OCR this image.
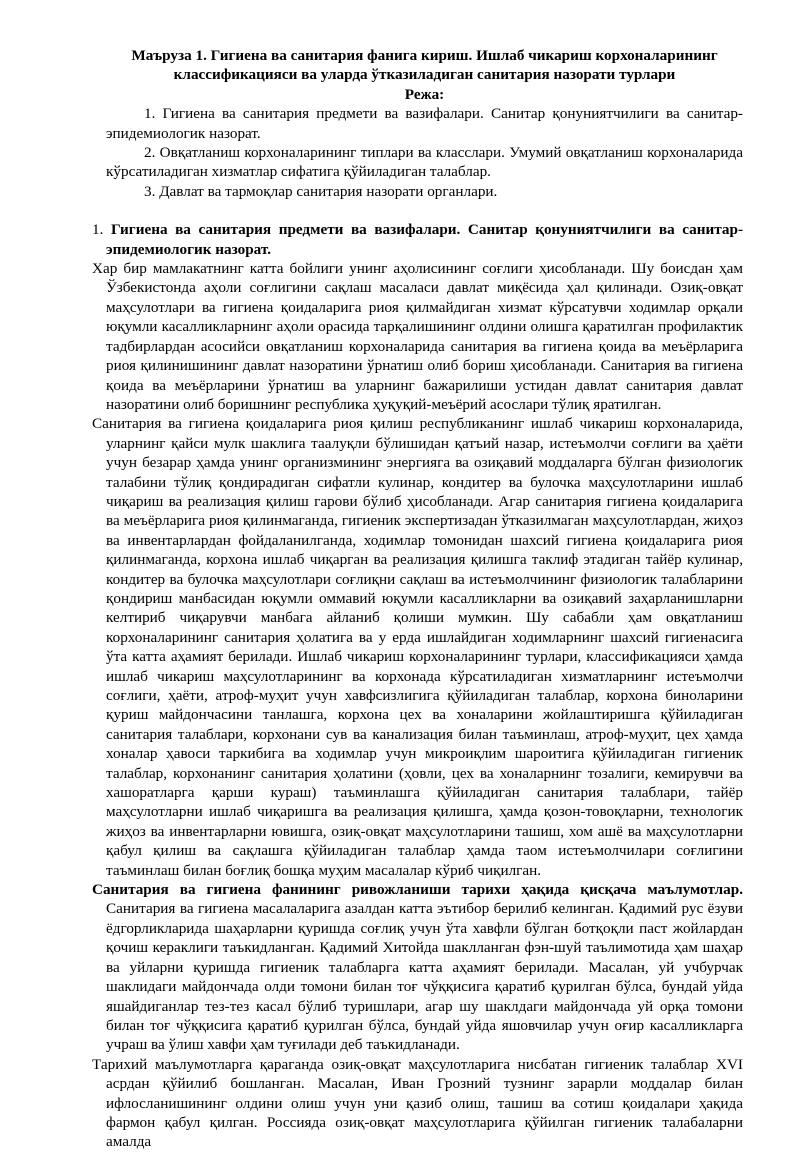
Маъруза 1. Гигиена ва санитария фанига кириш. Ишлаб чикариш корхоналарининг

классификацияси ва уларда ўтказиладиган санитария назорати турлари

Режа:

1. Гигиена ва санитария предмети ва вазифалари. Санитар қонуниятчилиги ва санитар-эпидемиологик назорат.

2. Овқатланиш корхоналарининг типлари ва класслари. Умумий овқатланиш корхоналарида кўрсатиладиган хизматлар сифатига қўйиладиган талаблар.

3. Давлат ва тармоқлар санитария назорати органлари.

1. Гигиена ва санитария предмети ва вазифалари. Санитар қонуниятчилиги ва санитар-эпидемиологик назорат.

Хар бир мамлакатнинг катта бойлиги унинг аҳолисининг соғлиги ҳисобланади. Шу боисдан ҳам Ўзбекистонда аҳоли соғлигини сақлаш масаласи давлат миқёсида ҳал қилинади. Озиқ-овқат маҳсулотлари ва гигиена қоидаларига риоя қилмайдиган хизмат кўрсатувчи ходимлар орқали юқумли касалликларнинг аҳоли орасида тарқалишининг олдини олишга қаратилган профилактик тадбирлардан асосийси овқатланиш корхоналарида санитария ва гигиена қоида ва меъёрларига риоя қилинишининг давлат назоратини ўрнатиш олиб бориш ҳисобланади. Санитария ва гигиена қоида ва меъёрларини ўрнатиш ва уларнинг бажарилиши устидан давлат санитария давлат назоратини олиб боришнинг республика ҳуқуқий-меъёрий асослари тўлиқ яратилган.

Санитария ва гигиена қоидаларига риоя қилиш республиканинг ишлаб чикариш корхоналарида, уларнинг қайси мулк шаклига таалуқли бўлишидан қатъий назар, истеъмолчи соғлиги ва ҳаёти учун безарар ҳамда унинг организмининг энергияга ва озиқавий моддаларга бўлган физиологик талабини тўлиқ қондирадиган сифатли кулинар, кондитер ва булочка маҳсулотларини ишлаб чиқариш ва реализация қилиш гарови бўлиб ҳисобланади. Агар санитария гигиена қоидаларига ва меъёрларига риоя қилинмаганда, гигиеник экспертизадан ўтказилмаган маҳсулотлардан, жиҳоз ва инвентарлардан фойдаланилганда, ходимлар томонидан шахсий гигиена қоидаларига риоя қилинмаганда, корхона ишлаб чиқарган ва реализация қилишга таклиф этадиган тайёр кулинар, кондитер ва булочка маҳсулотлари соғлиқни сақлаш ва истеъмолчининг физиологик талабларини қондириш манбасидан юқумли оммавий юқумли касалликларни ва озиқавий заҳарланишларни келтириб чиқарувчи манбага айланиб қолиши мумкин. Шу сабабли ҳам овқатланиш корхоналарининг санитария ҳолатига ва у ерда ишлайдиган ходимларнинг шахсий гигиенасига ўта катта аҳамият берилади. Ишлаб чикариш корхоналарининг турлари, классификацияси ҳамда ишлаб чикариш маҳсулотларининг ва корхонада кўрсатиладиган хизматларнинг истеъмолчи соғлиги, ҳаёти, атроф-муҳит учун хавфсизлигига қўйиладиган талаблар, корхона биноларини қуриш майдончасини танлашга, корхона цех ва хоналарини жойлаштиришга қўйиладиган санитария талаблари, корхонани сув ва канализация билан таъминлаш, атроф-муҳит, цех ҳамда хоналар ҳавоси таркибига ва ходимлар учун микроиқлим шароитига қўйиладиган гигиеник талаблар, корхонанинг санитария ҳолатини (ҳовли, цех ва хоналарнинг тозалиги, кемирувчи ва хашоратларга қарши кураш) таъминлашга қўйиладиган санитария талаблари, тайёр маҳсулотларни ишлаб чиқаришга ва реализация қилишга, ҳамда қозон-товоқларни, технологик жиҳоз ва инвентарларни ювишга, озиқ-овқат маҳсулотларини ташиш, хом ашё ва маҳсулотларни қабул қилиш ва сақлашга қўйиладиган талаблар ҳамда таом истеъмолчилари соғлигини таъминлаш билан боғлиқ бошқа муҳим масалалар кўриб чиқилган.

Санитария ва гигиена фанининг ривожланиши тарихи ҳақида қисқача маълумотлар. Санитария ва гигиена масалаларига азалдан катта эътибор берилиб келинган. Қадимий рус ёзуви ёдгорликларида шаҳарларни қуришда соғлиқ учун ўта хавфли бўлган ботқоқли паст жойлардан қочиш кераклиги таъкидланган. Қадимий Хитойда шаклланган фэн-шуй таълимотида ҳам шаҳар ва уйларни қуришда гигиеник талабларга катта аҳамият берилади. Масалан, уй учбурчак шаклидаги майдончада олди томони билан тоғ чўққисига қаратиб қурилган бўлса, бундай уйда яшайдиганлар тез-тез касал бўлиб туришлари, агар шу шаклдаги майдончада уй орқа томони билан тоғ чўққисига қаратиб қурилган бўлса, бундай уйда яшовчилар учун оғир касалликларга учраш ва ўлиш хавфи ҳам туғилади деб таъкидланади.

Тарихий маълумотларга қараганда озиқ-овқат маҳсулотларига нисбатан гигиеник талаблар XVI асрдан қўйилиб бошланган. Масалан, Иван Грозний тузнинг зарарли моддалар билан ифлосланишининг олдини олиш учун уни қазиб олиш, ташиш ва сотиш қоидалари ҳақида фармон қабул қилган. Россияда озиқ-овқат маҳсулотларига қўйилган гигиеник талабаларни амалда
